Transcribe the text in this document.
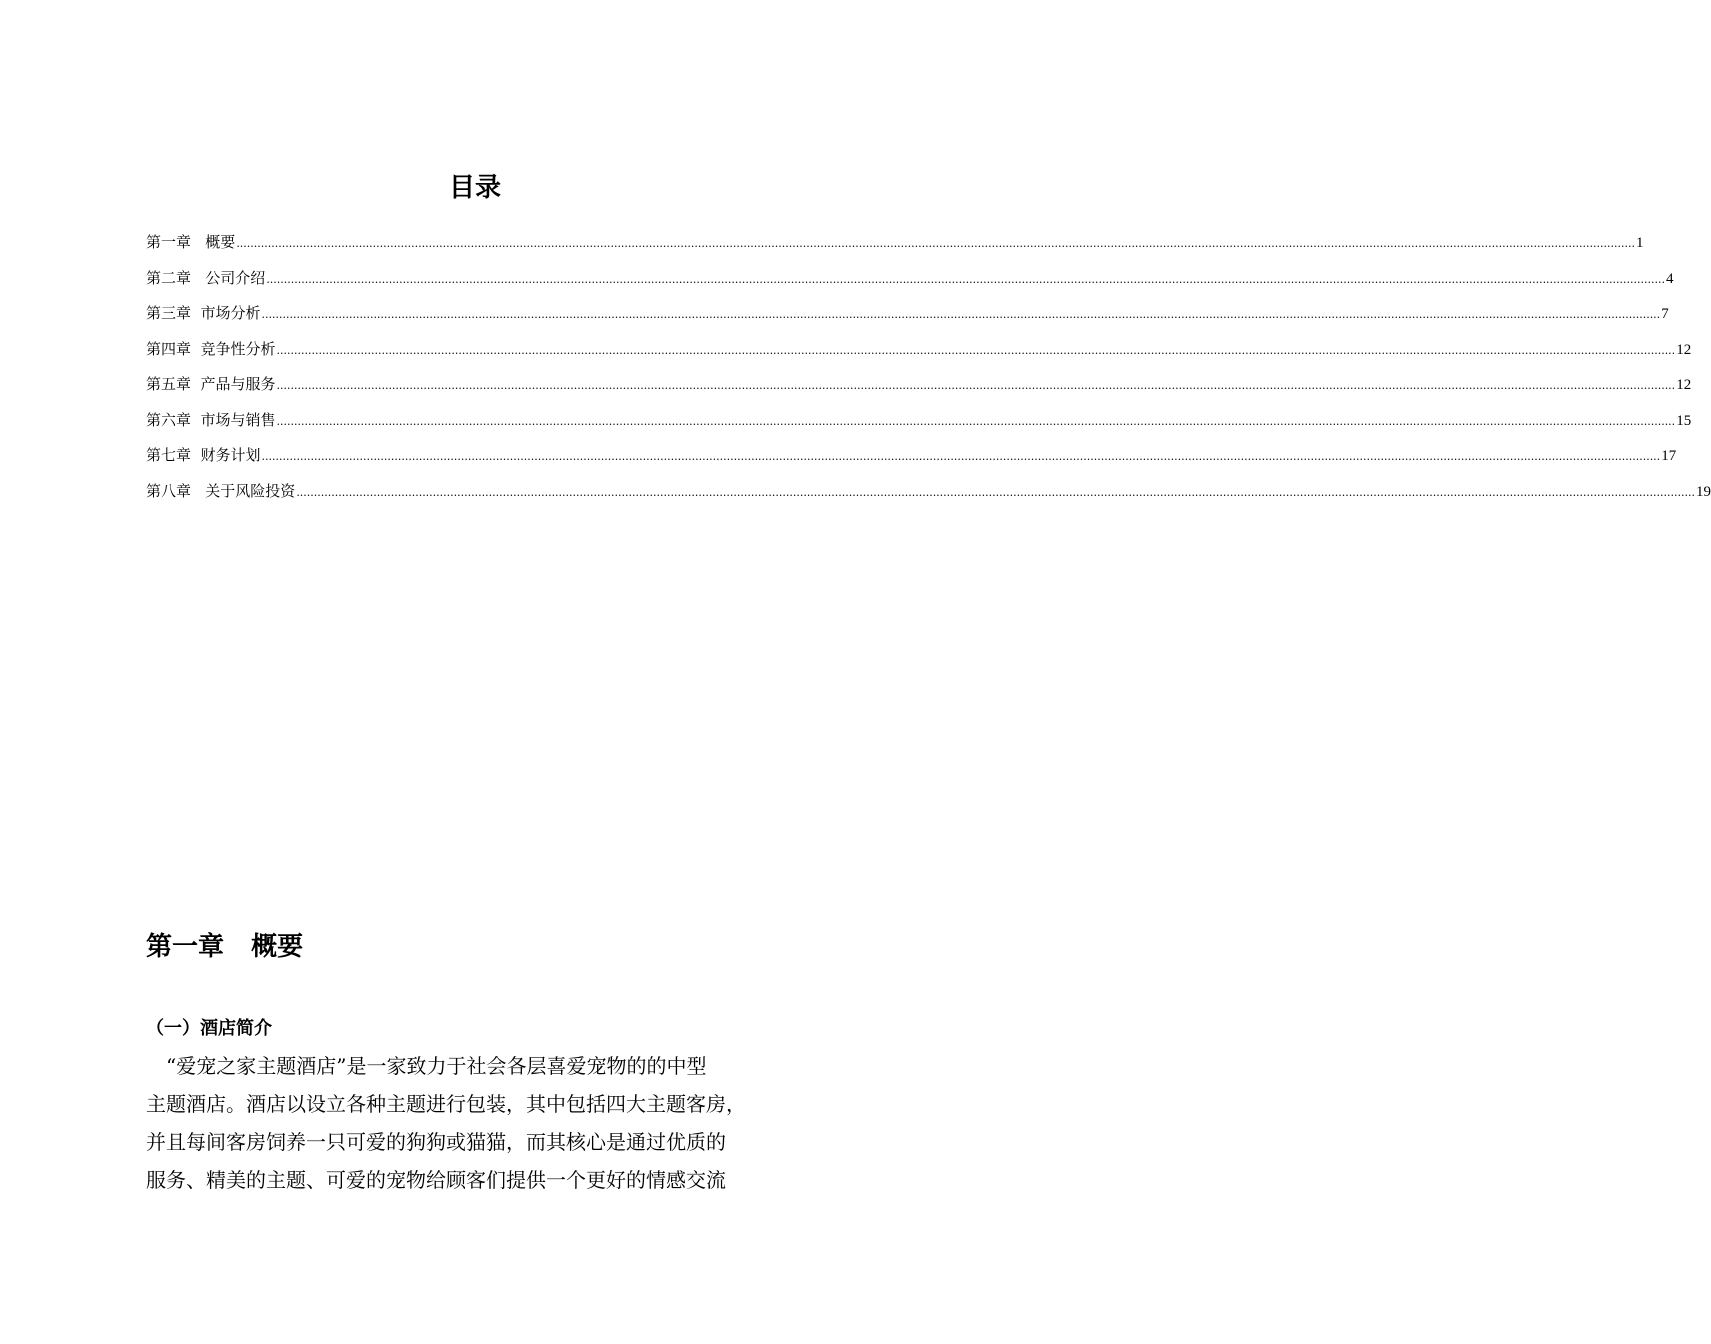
目录
第一章   概要 ................................................................................................................................................................................................................................................................................................................................................................................................................ 1
第二章   公司介绍 ................................................................................................................................................................................................................................................................................................................................................................................................................ 4
第三章  市场分析 ................................................................................................................................................................................................................................................................................................................................................................................................................ 7
第四章  竞争性分析 ................................................................................................................................................................................................................................................................................................................................................................................................................ 12
第五章  产品与服务 ................................................................................................................................................................................................................................................................................................................................................................................................................ 12
第六章  市场与销售 ................................................................................................................................................................................................................................................................................................................................................................................................................ 15
第七章  财务计划 ................................................................................................................................................................................................................................................................................................................................................................................................................ 17
第八章   关于风险投资 ................................................................................................................................................................................................................................................................................................................................................................................................................ 19
第一章   概要
（一）酒店简介

“爱宠之家主题酒店”是一家致力于社会各层喜爱宠物的的中型
主题酒店。酒店以设立各种主题进行包装，其中包括四大主题客房，
并且每间客房饲养一只可爱的狗狗或猫猫，而其核心是通过优质的
服务、精美的主题、可爱的宠物给顾客们提供一个更好的情感交流
